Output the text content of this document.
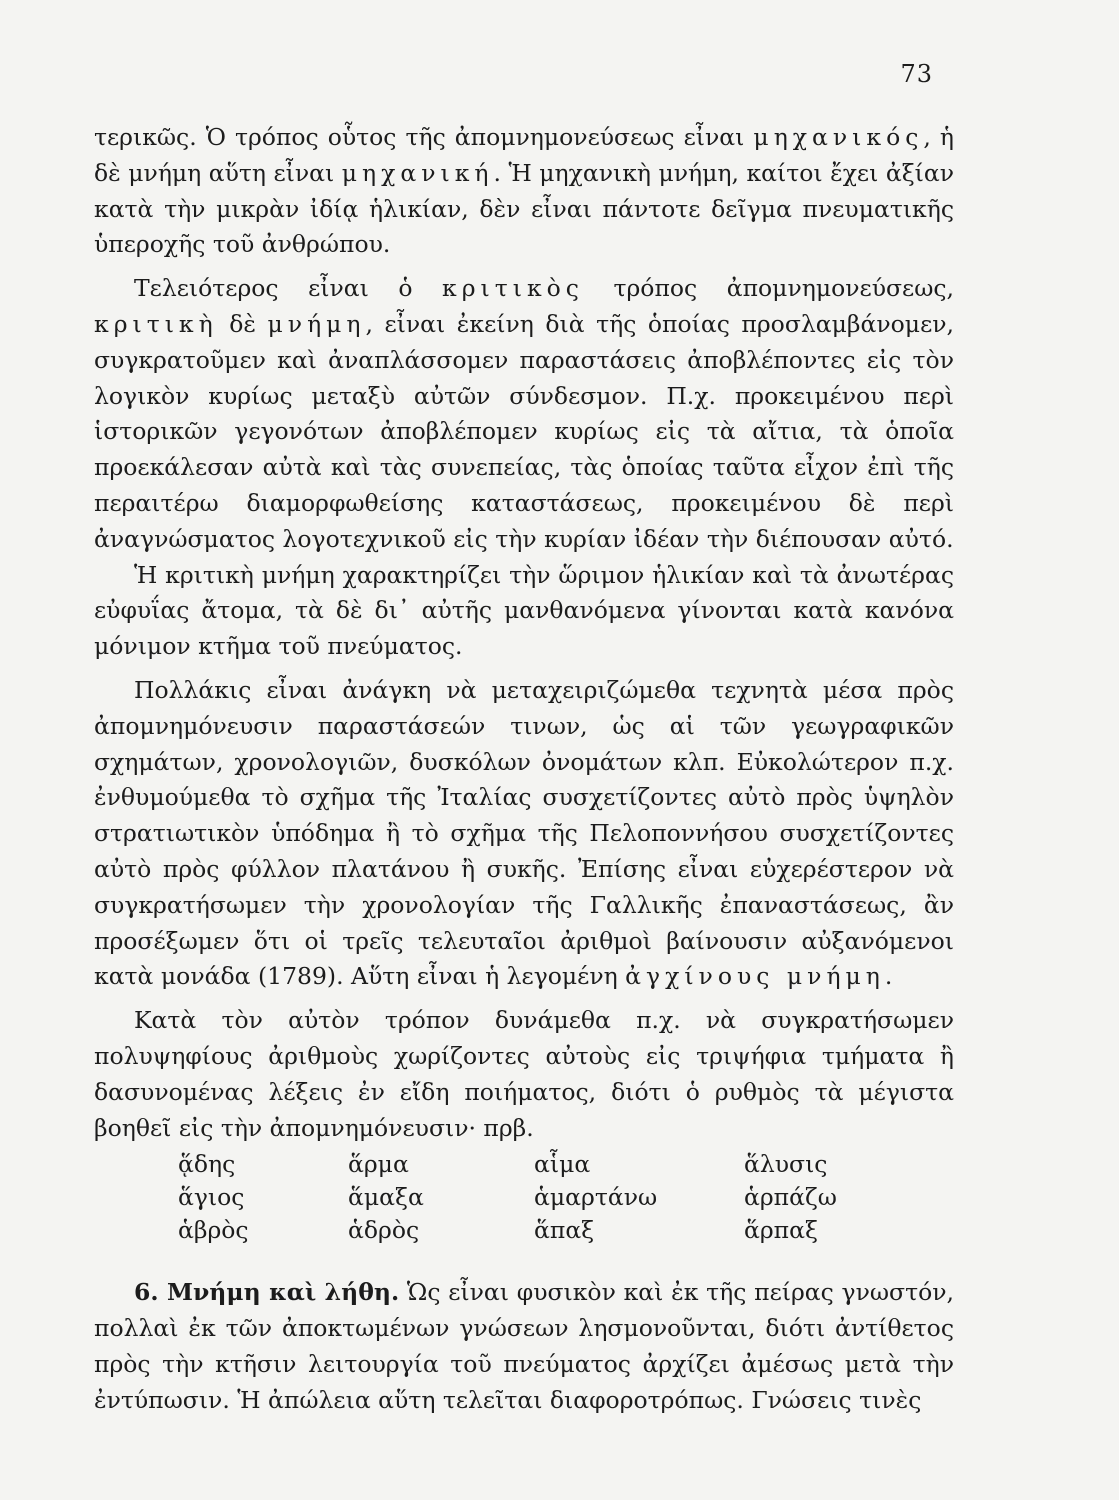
73

τερικῶς. Ὁ τρόπος οὗτος τῆς ἀπομνημονεύσεως εἶναι μηχανικός, ἡ δὲ μνήμη αὕτη εἶναι μηχανική. Ἡ μηχανικὴ μνήμη, καίτοι ἔχει ἀξίαν κατὰ τὴν μικρὰν ἰδίᾳ ἡλικίαν, δὲν εἶναι πάντοτε δεῖγμα πνευματικῆς ὑπεροχῆς τοῦ ἀνθρώπου.

Τελειότερος εἶναι ὁ κριτικὸς τρόπος ἀπομνημονεύσεως, κριτικὴ δὲ μνήμη, εἶναι ἐκείνη διὰ τῆς ὁποίας προσλαμβάνομεν, συγκρατοῦμεν καὶ ἀναπλάσσομεν παραστάσεις ἀποβλέποντες εἰς τὸν λογικὸν κυρίως μεταξὺ αὐτῶν σύνδεσμον. Π.χ. προκειμένου περὶ ἱστορικῶν γεγονότων ἀποβλέπομεν κυρίως εἰς τὰ αἴτια, τὰ ὁποῖα προεκάλεσαν αὐτὰ καὶ τὰς συνεπείας, τὰς ὁποίας ταῦτα εἶχον ἐπὶ τῆς περαιτέρω διαμορφωθείσης καταστάσεως, προκειμένου δὲ περὶ ἀναγνώσματος λογοτεχνικοῦ εἰς τὴν κυρίαν ἰδέαν τὴν διέπουσαν αὐτό.

Ἡ κριτικὴ μνήμη χαρακτηρίζει τὴν ὥριμον ἡλικίαν καὶ τὰ ἀνωτέρας εὐφυΐας ἄτομα, τὰ δὲ δι᾽ αὐτῆς μανθανόμενα γίνονται κατὰ κανόνα μόνιμον κτῆμα τοῦ πνεύματος.

Πολλάκις εἶναι ἀνάγκη νὰ μεταχειριζώμεθα τεχνητὰ μέσα πρὸς ἀπομνημόνευσιν παραστάσεών τινων, ὡς αἱ τῶν γεωγραφικῶν σχημάτων, χρονολογιῶν, δυσκόλων ὀνομάτων κλπ. Εὐκολώτερον π.χ. ἐνθυμούμεθα τὸ σχῆμα τῆς Ἰταλίας συσχετίζοντες αὐτὸ πρὸς ὑψηλὸν στρατιωτικὸν ὑπόδημα ἢ τὸ σχῆμα τῆς Πελοποννήσου συσχετίζοντες αὐτὸ πρὸς φύλλον πλατάνου ἢ συκῆς. Ἐπίσης εἶναι εὐχερέστερον νὰ συγκρατήσωμεν τὴν χρονολογίαν τῆς Γαλλικῆς ἐπαναστάσεως, ἂν προσέξωμεν ὅτι οἱ τρεῖς τελευταῖοι ἀριθμοὶ βαίνουσιν αὐξανόμενοι κατὰ μονάδα (1789). Αὕτη εἶναι ἡ λεγομένη ἀγχίνους μνήμη.

Κατὰ τὸν αὐτὸν τρόπον δυνάμεθα π.χ. νὰ συγκρατήσωμεν πολυψηφίους ἀριθμοὺς χωρίζοντες αὐτοὺς εἰς τριψήφια τμήματα ἢ δασυνομένας λέξεις ἐν εἴδη ποιήματος, διότι ὁ ρυθμὸς τὰ μέγιστα βοηθεῖ εἰς τὴν ἀπομνημόνευσιν· πρβ.

ᾅδης	ἅρμα	αἷμα	ἅλυσις
ἅγιος	ἅμαξα	ἁμαρτάνω	ἁρπάζω
ἁβρὸς	ἁδρὸς	ἅπαξ	ἅρπαξ

6. Μνήμη καὶ λήθη. Ὡς εἶναι φυσικὸν καὶ ἐκ τῆς πείρας γνωστόν, πολλαὶ ἐκ τῶν ἀποκτωμένων γνώσεων λησμονοῦνται, διότι ἀντίθετος πρὸς τὴν κτῆσιν λειτουργία τοῦ πνεύματος ἀρχίζει ἀμέσως μετὰ τὴν ἐντύπωσιν. Ἡ ἀπώλεια αὕτη τελεῖται διαφοροτρόπως. Γνώσεις τινὲς
